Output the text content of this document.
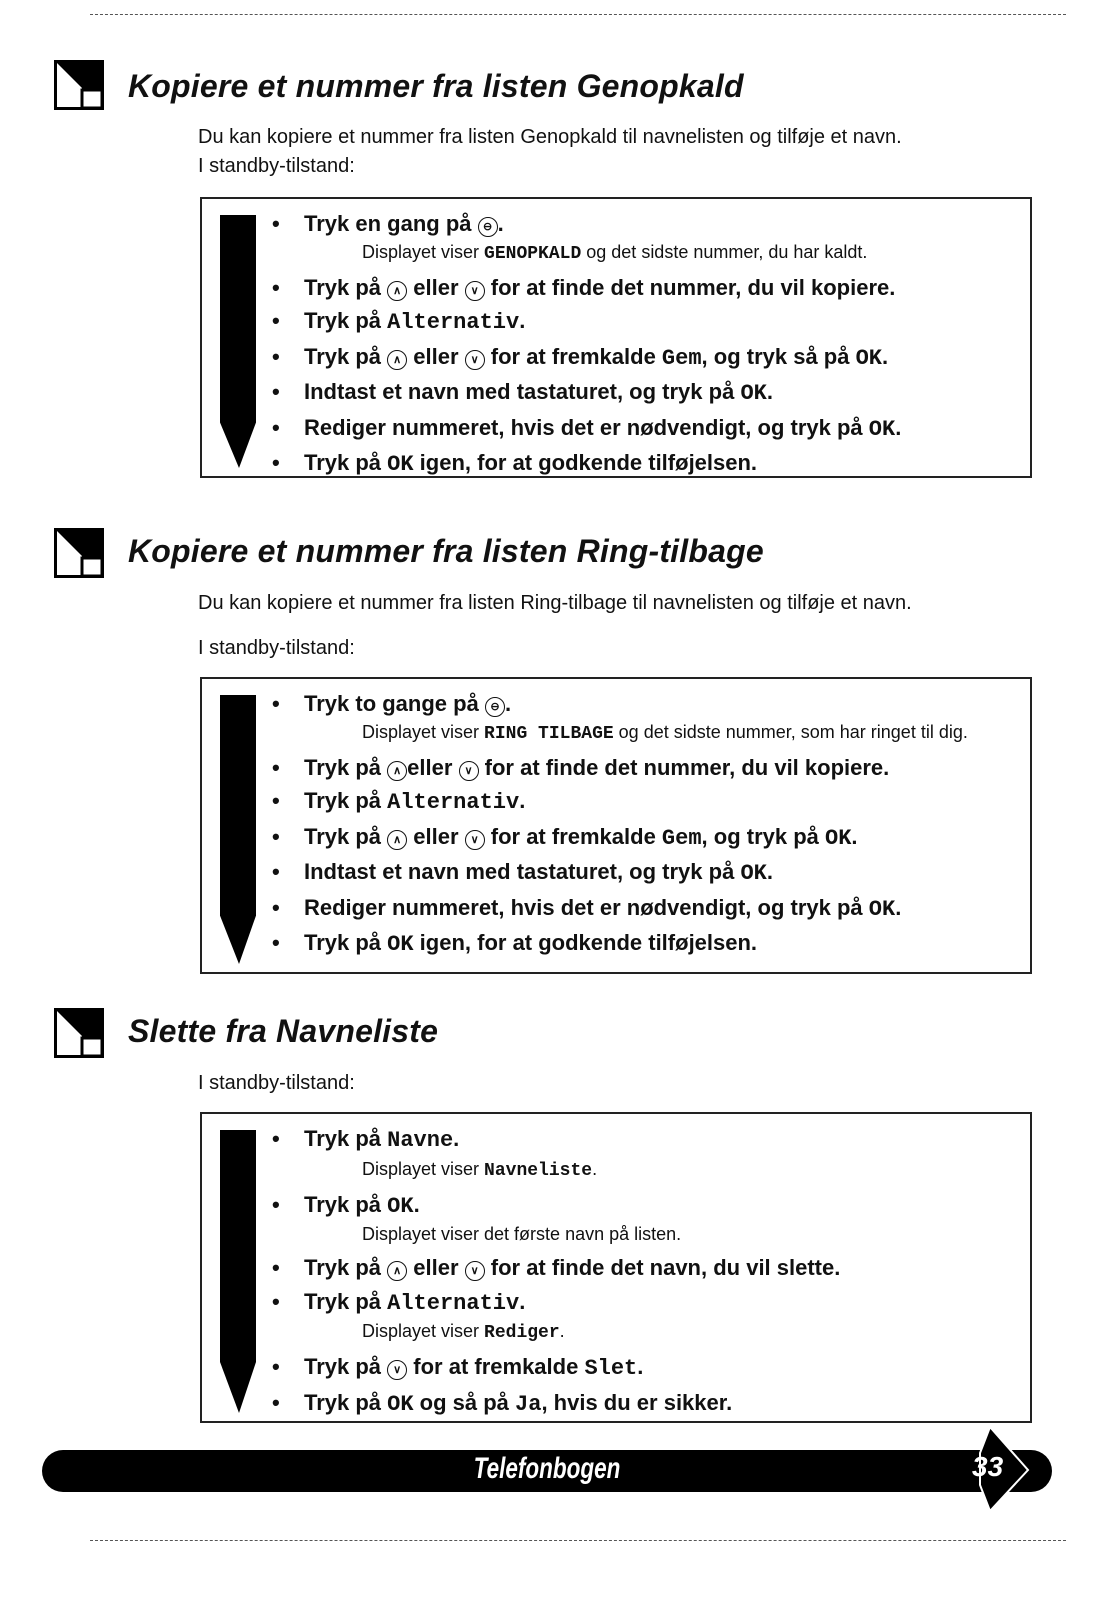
Telefonbogen	33
Kopiere et nummer fra listen Genopkald
Du kan kopiere et nummer fra listen Genopkald til navnelisten og tilføje et navn.
I standby-tilstand:
• Tryk en gang på ⊖ .
Displayet viser GENOPKALD og det sidste nummer, du har kaldt.
• Tryk på ∧ eller ∨ for at finde det nummer, du vil kopiere.
• Tryk på Alternativ.
• Tryk på ∧ eller ∨ for at fremkalde Gem, og tryk så på OK.
• Indtast et navn med tastaturet, og tryk på OK.
• Rediger nummeret, hvis det er nødvendigt, og tryk på OK.
• Tryk på OK igen, for at godkende tilføjelsen.
Kopiere et nummer fra listen Ring-tilbage
Du kan kopiere et nummer fra listen Ring-tilbage til navnelisten og tilføje et navn.
I standby-tilstand:
• Tryk to gange på ⊖ .
Displayet viser RING TILBAGE og det sidste nummer, som har ringet til dig.
• Tryk på ∧ eller ∨ for at finde det nummer, du vil kopiere.
• Tryk på Alternativ.
• Tryk på ∧ eller ∨ for at fremkalde Gem, og tryk på OK.
• Indtast et navn med tastaturet, og tryk på OK.
• Rediger nummeret, hvis det er nødvendigt, og tryk på OK.
• Tryk på OK igen, for at godkende tilføjelsen.
Slette fra Navneliste
I standby-tilstand:
• Tryk på Navne.
Displayet viser Navneliste.
• Tryk på OK.
Displayet viser det første navn på listen.
• Tryk på ∧ eller ∨ for at finde det navn, du vil slette.
• Tryk på Alternativ.
Displayet viser Rediger.
• Tryk på ∨ for at fremkalde Slet.
• Tryk på OK og så på Ja, hvis du er sikker.
